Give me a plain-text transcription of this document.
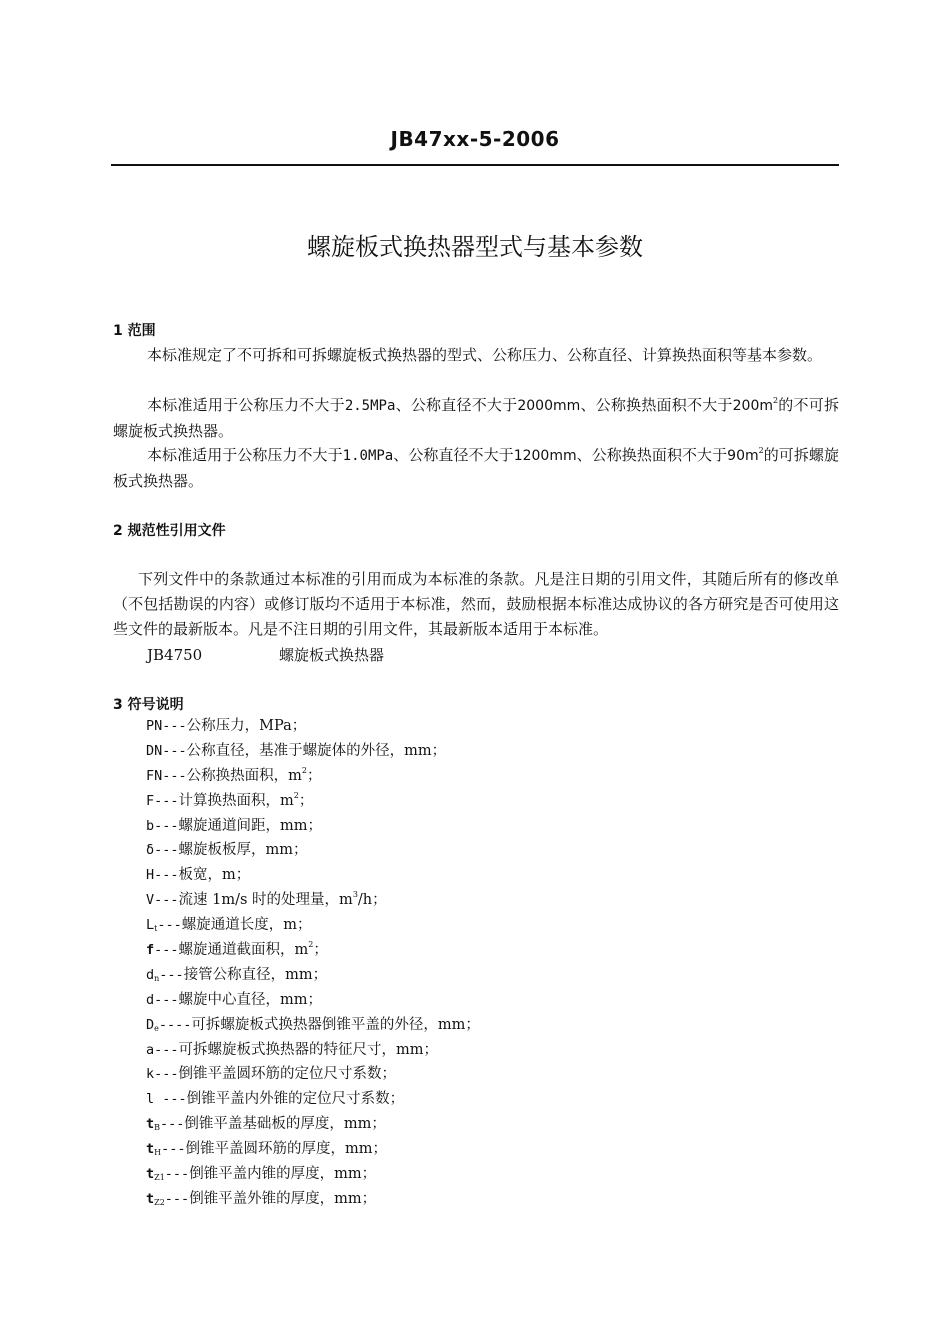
JB47xx-5-2006
螺旋板式换热器型式与基本参数
1 范围
本标准规定了不可拆和可拆螺旋板式换热器的型式、公称压力、公称直径、计算换热面积等基本参数。
本标准适用于公称压力不大于2.5MPa、公称直径不大于2000mm、公称换热面积不大于$200m^2$的不可拆螺旋板式换热器。
本标准适用于公称压力不大于1.0MPa、公称直径不大于1200mm、公称换热面积不大于$90m^2$的可拆螺旋板式换热器。
2 规范性引用文件
下列文件中的条款通过本标准的引用而成为本标准的条款。凡是注日期的引用文件，其随后所有的修改单（不包括勘误的内容）或修订版均不适用于本标准，然而，鼓励根据本标准达成协议的各方研究是否可使用这些文件的最新版本。凡是不注日期的引用文件，其最新版本适用于本标准。
JB4750	螺旋板式换热器
3 符号说明
PN---公称压力，MPa；
DN---公称直径，基准于螺旋体的外径，mm；
FN---公称换热面积，$m^2$；
F---计算换热面积，$m^2$；
b---螺旋通道间距，mm；
δ---螺旋板板厚，mm；
H---板宽，m；
V---流速 1m/s 时的处理量，$m^3/h$；
$L_t---$螺旋通道长度，m；
f---螺旋通道截面积，$m^2$；
$d_n---$接管公称直径，mm；
d---螺旋中心直径，mm；
$D_e----$可拆螺旋板式换热器倒锥平盖的外径，mm；
a---可拆螺旋板式换热器的特征尺寸，mm；
k---倒锥平盖圆环筋的定位尺寸系数；
l ---倒锥平盖内外锥的定位尺寸系数；
$t_B---$倒锥平盖基础板的厚度，mm；
$t_H---$倒锥平盖圆环筋的厚度，mm；
$t_{Z1}---$倒锥平盖内锥的厚度，mm；
$t_{Z2}---$倒锥平盖外锥的厚度，mm；
